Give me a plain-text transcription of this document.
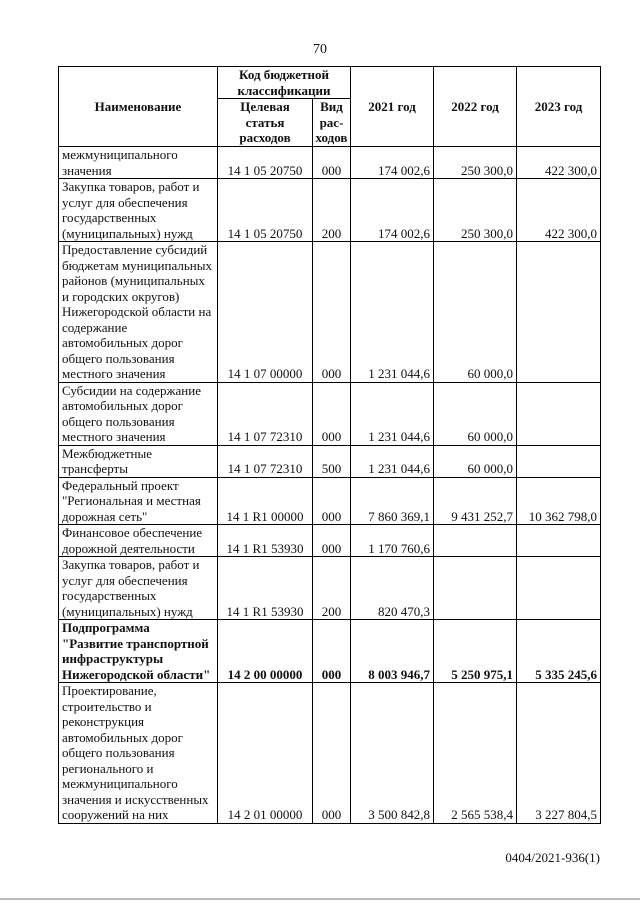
70
Наименование	Код бюджетной классификации		2021 год	2022 год	2023 год
	Целевая статья расходов	Вид рас-ходов			
межмуниципального значения	14 1 05 20750	000	174 002,6	250 300,0	422 300,0
Закупка товаров, работ и услуг для обеспечения государственных (муниципальных) нужд	14 1 05 20750	200	174 002,6	250 300,0	422 300,0
Предоставление субсидий бюджетам муниципальных районов (муниципальных и городских округов) Нижегородской области на содержание автомобильных дорог общего пользования местного значения	14 1 07 00000	000	1 231 044,6	60 000,0	
Субсидии на содержание автомобильных дорог общего пользования местного значения	14 1 07 72310	000	1 231 044,6	60 000,0	
Межбюджетные трансферты	14 1 07 72310	500	1 231 044,6	60 000,0	
Федеральный проект "Региональная и местная дорожная сеть"	14 1 R1 00000	000	7 860 369,1	9 431 252,7	10 362 798,0
Финансовое обеспечение дорожной деятельности	14 1 R1 53930	000	1 170 760,6		
Закупка товаров, работ и услуг для обеспечения государственных (муниципальных) нужд	14 1 R1 53930	200	820 470,3		
Подпрограмма "Развитие транспортной инфраструктуры Нижегородской области"	14 2 00 00000	000	8 003 946,7	5 250 975,1	5 335 245,6
Проектирование, строительство и реконструкция автомобильных дорог общего пользования регионального и межмуниципального значения и искусственных сооружений на них	14 2 01 00000	000	3 500 842,8	2 565 538,4	3 227 804,5
0404/2021-936(1)
